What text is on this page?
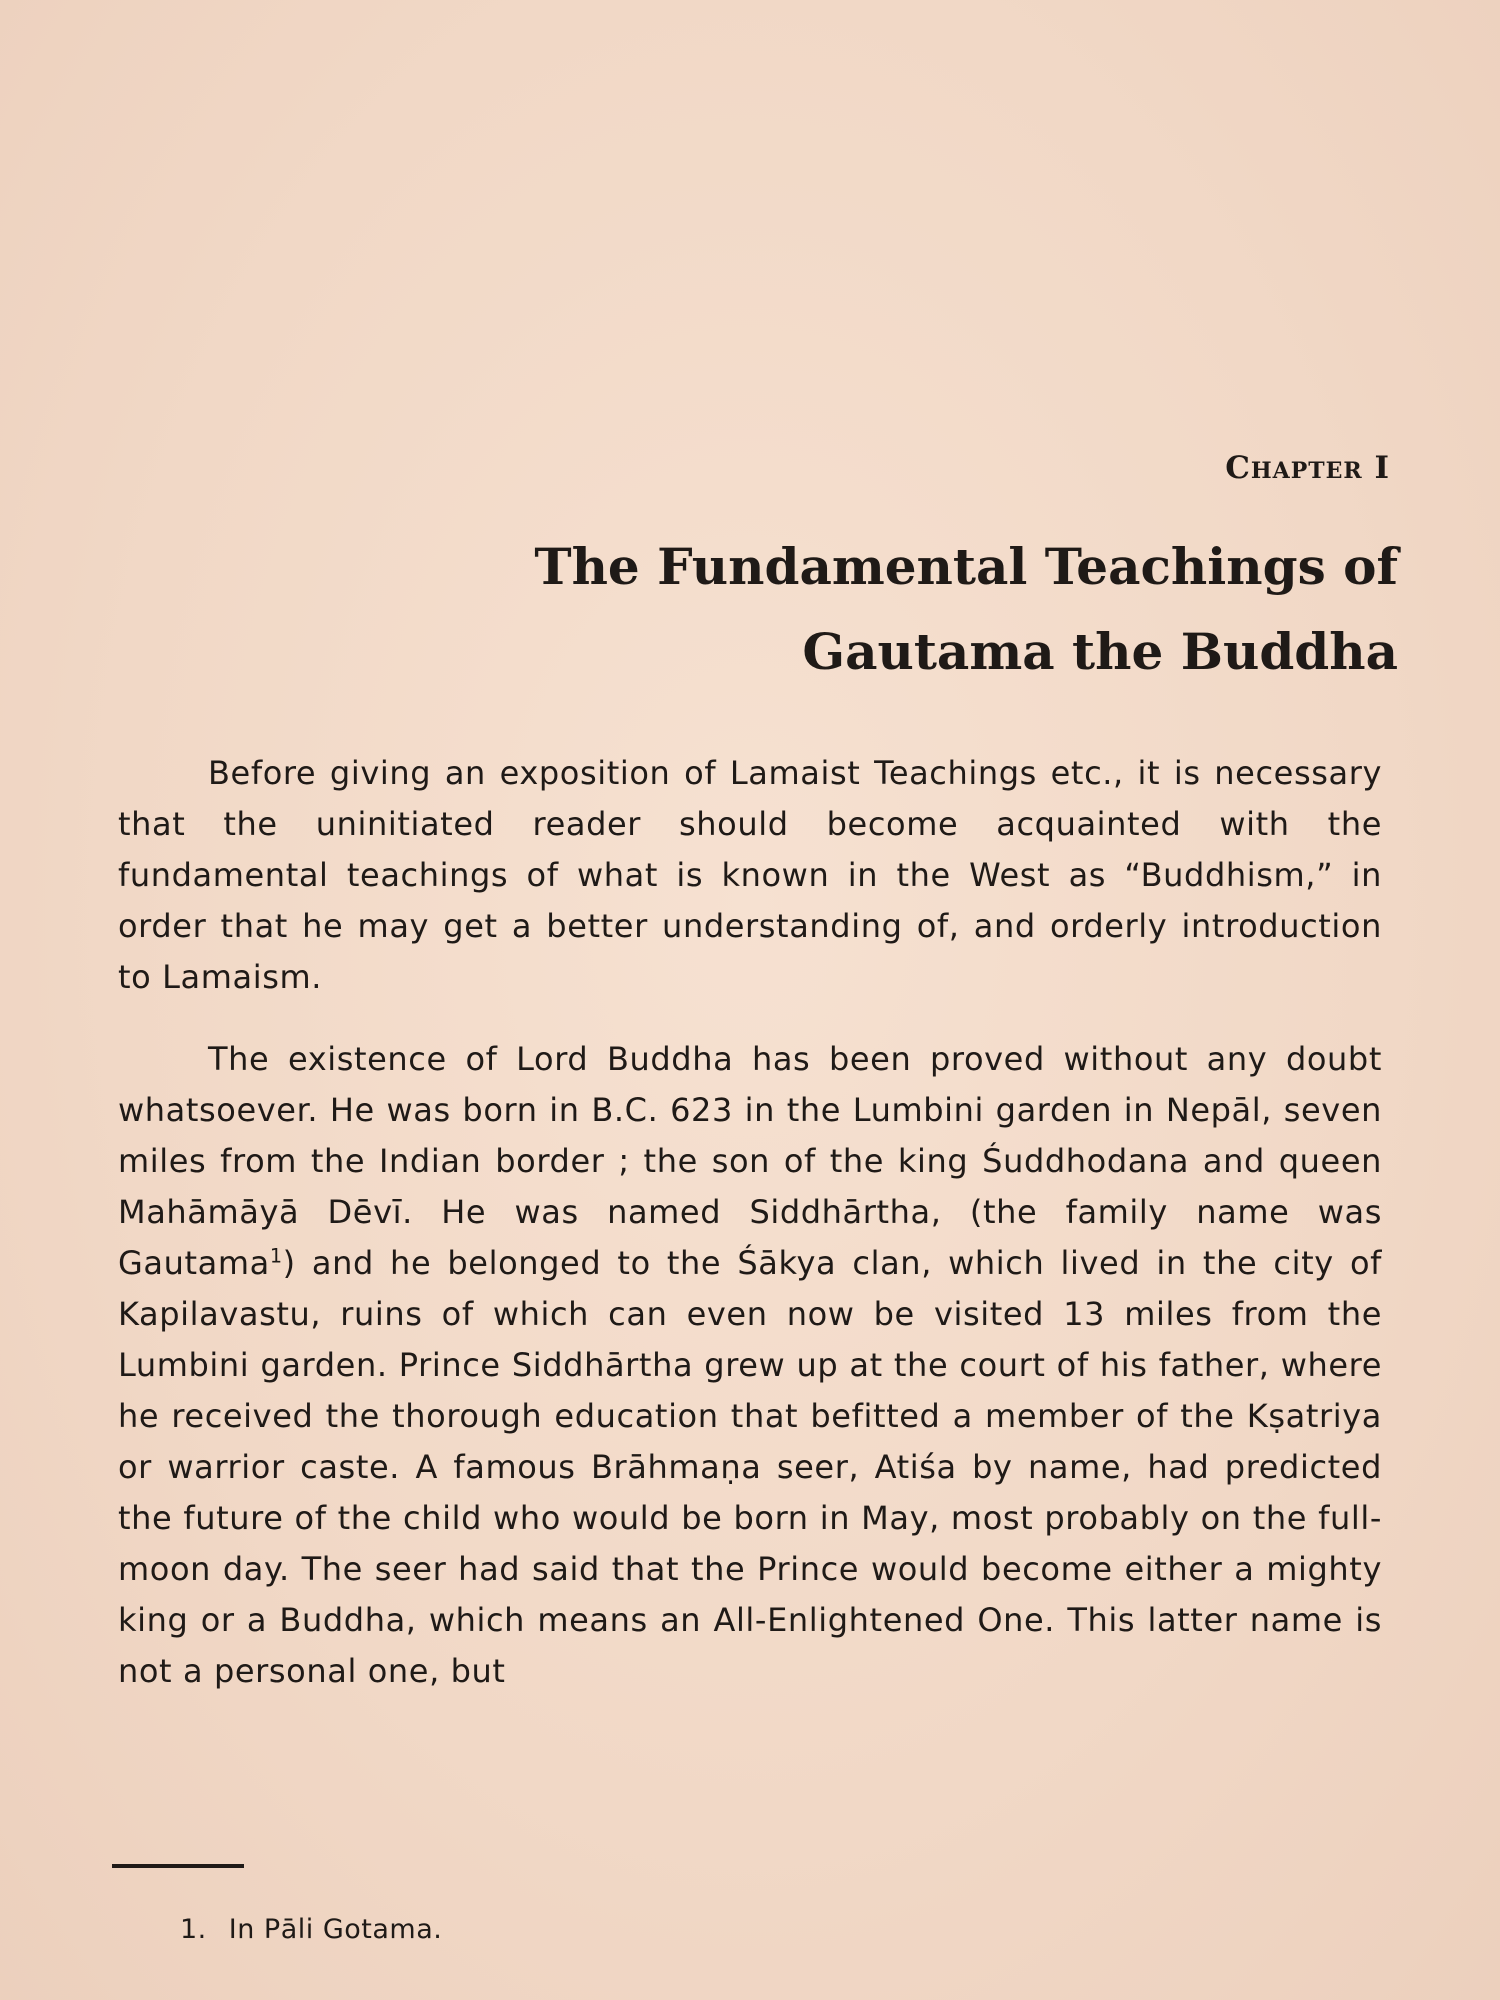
Chapter I
The Fundamental Teachings of
Gautama the Buddha

Before giving an exposition of Lamaist Teachings etc., it is necessary that the uninitiated reader should become acquainted with the fundamental teachings of what is known in the West as “Buddhism,” in order that he may get a better understanding of, and orderly introduction to Lamaism.

The existence of Lord Buddha has been proved without any doubt whatsoever. He was born in B.C. 623 in the Lumbini garden in Nepāl, seven miles from the Indian border ; the son of the king Śuddhodana and queen Mahāmāyā Dēvī. He was named Siddhārtha, (the family name was Gautama$^1$) and he belonged to the Śākya clan, which lived in the city of Kapilavastu, ruins of which can even now be visited 13 miles from the Lumbini garden. Prince Siddhārtha grew up at the court of his father, where he received the thorough education that befitted a member of the Kṣatriya or warrior caste. A famous Brāhmaṇa seer, Atiśa by name, had predicted the future of the child who would be born in May, most probably on the full-moon day. The seer had said that the Prince would become either a mighty king or a Buddha, which means an All-Enlightened One. This latter name is not a personal one, but

1. In Pāli Gotama.
